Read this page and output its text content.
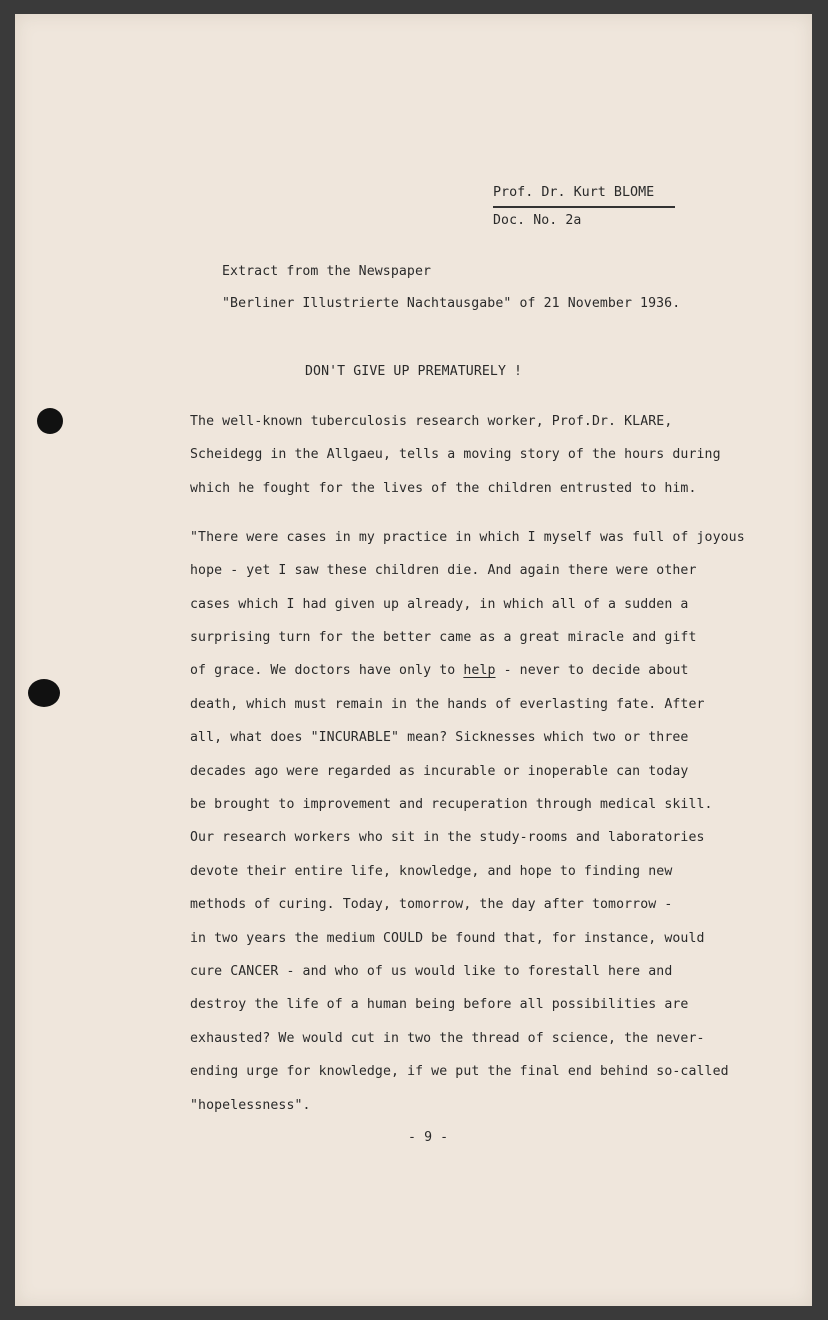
Prof. Dr. Kurt BLOME
Doc. No. 2a
Extract from the Newspaper
"Berliner Illustrierte Nachtausgabe" of 21 November 1936.
DON'T GIVE UP PREMATURELY !
The well-known tuberculosis research worker, Prof.Dr. KLARE,
Scheidegg in the Allgaeu, tells a moving story of the hours during
which he fought for the lives of the children entrusted to him.
"There were cases in my practice in which I myself was full of joyous
hope - yet I saw these children die. And again there were other
cases which I had given up already, in which all of a sudden a
surprising turn for the better came as a great miracle and gift
of grace. We doctors have only to help - never to decide about
death, which must remain in the hands of everlasting fate. After
all, what does "INCURABLE" mean? Sicknesses which two or three
decades ago were regarded as incurable or inoperable can today
be brought to improvement and recuperation through medical skill.
Our research workers who sit in the study-rooms and laboratories
devote their entire life, knowledge, and hope to finding new
methods of curing. Today, tomorrow, the day after tomorrow -
in two years the medium COULD be found that, for instance, would
cure CANCER - and who of us would like to forestall here and
destroy the life of a human being before all possibilities are
exhausted? We would cut in two the thread of science, the never-
ending urge for knowledge, if we put the final end behind so-called
"hopelessness".
- 9 -
